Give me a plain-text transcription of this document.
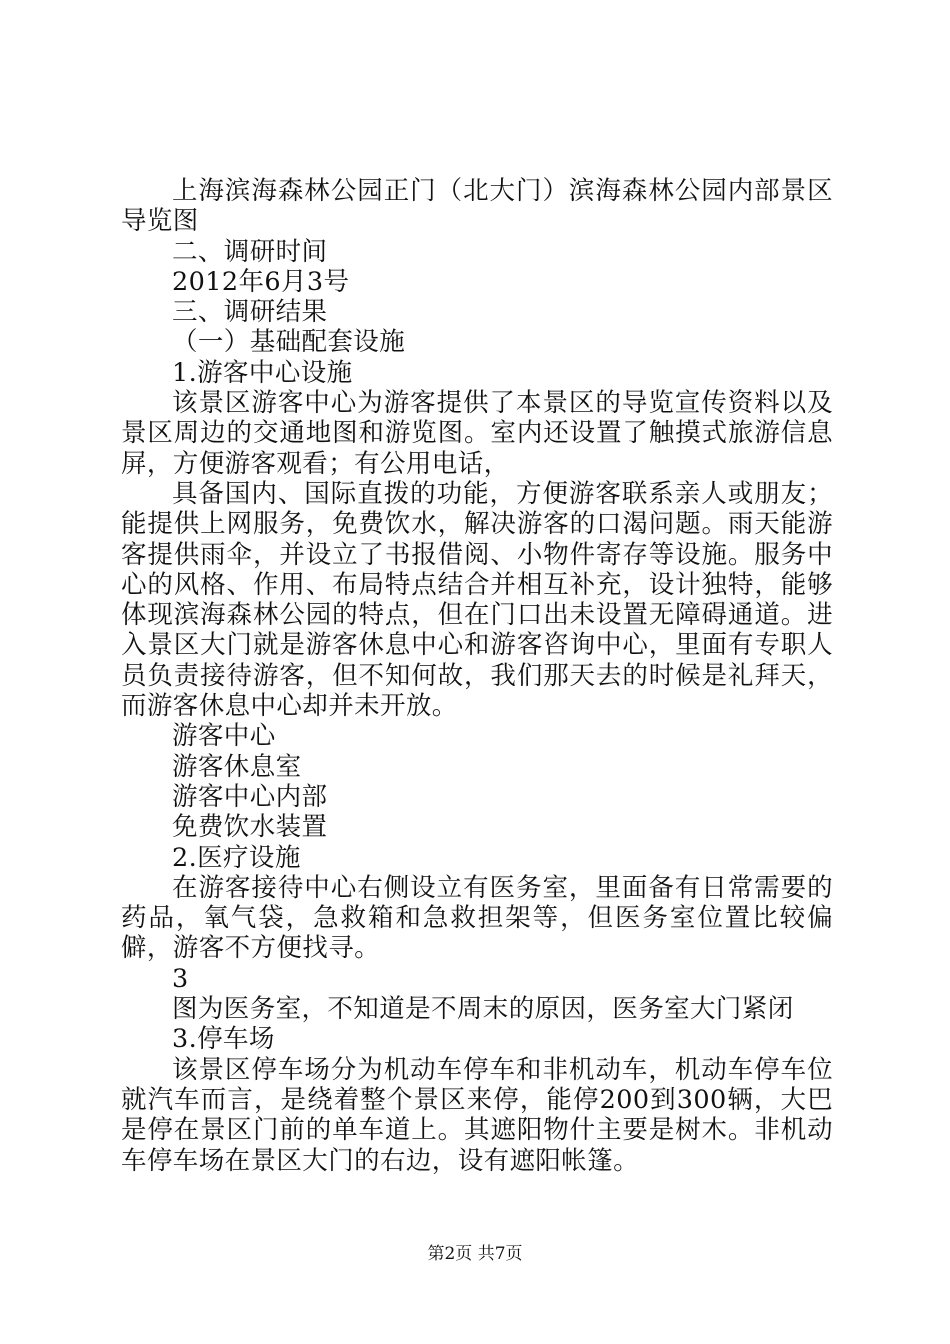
上海滨海森林公园正门（北大门）滨海森林公园内部景区导览图

二、调研时间

2012年6月3号

三、调研结果

（一）基础配套设施

1.游客中心设施

该景区游客中心为游客提供了本景区的导览宣传资料以及景区周边的交通地图和游览图。室内还设置了触摸式旅游信息屏，方便游客观看；有公用电话，

具备国内、国际直拨的功能，方便游客联系亲人或朋友；能提供上网服务，免费饮水，解决游客的口渴问题。雨天能游客提供雨伞，并设立了书报借阅、小物件寄存等设施。服务中心的风格、作用、布局特点结合并相互补充，设计独特，能够体现滨海森林公园的特点，但在门口出未设置无障碍通道。进入景区大门就是游客休息中心和游客咨询中心，里面有专职人员负责接待游客，但不知何故，我们那天去的时候是礼拜天，而游客休息中心却并未开放。

游客中心

游客休息室

游客中心内部

免费饮水装置

2.医疗设施

在游客接待中心右侧设立有医务室，里面备有日常需要的药品，氧气袋，急救箱和急救担架等，但医务室位置比较偏僻，游客不方便找寻。

3

图为医务室，不知道是不周末的原因，医务室大门紧闭

3.停车场

该景区停车场分为机动车停车和非机动车，机动车停车位就汽车而言，是绕着整个景区来停，能停200到300辆，大巴是停在景区门前的单车道上。其遮阳物什主要是树木。非机动车停车场在景区大门的右边，设有遮阳帐篷。

第2页 共7页
